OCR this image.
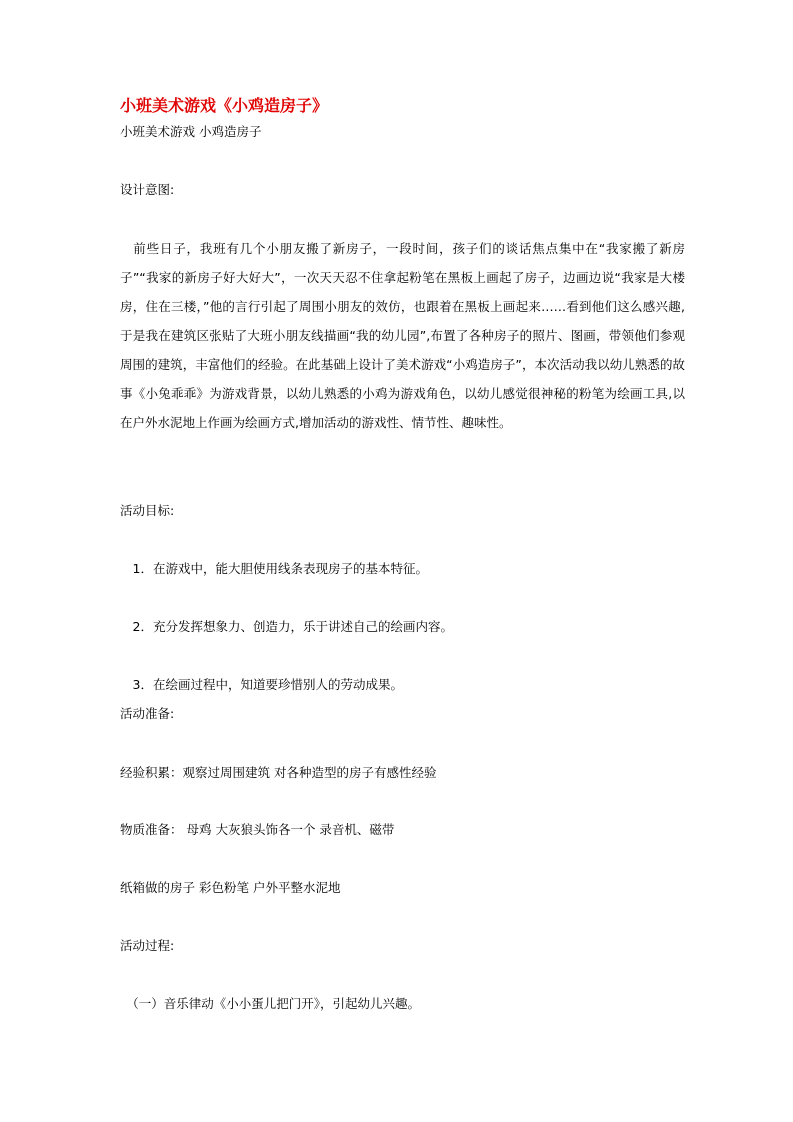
小班美术游戏《小鸡造房子》
小班美术游戏 小鸡造房子
设计意图:
　前些日子，我班有几个小朋友搬了新房子，一段时间，孩子们的谈话焦点集中在“我家搬了新房子”“我家的新房子好大好大”，一次天天忍不住拿起粉笔在黑板上画起了房子，边画边说“我家是大楼房，住在三楼，”他的言行引起了周围小朋友的效仿，也跟着在黑板上画起来……看到他们这么感兴趣,于是我在建筑区张贴了大班小朋友线描画“我的幼儿园”,布置了各种房子的照片、图画，带领他们参观周围的建筑，丰富他们的经验。在此基础上设计了美术游戏“小鸡造房子”，本次活动我以幼儿熟悉的故事《小兔乖乖》为游戏背景，以幼儿熟悉的小鸡为游戏角色，以幼儿感觉很神秘的粉笔为绘画工具,以在户外水泥地上作画为绘画方式,增加活动的游戏性、情节性、趣味性。
活动目标:
　1．在游戏中，能大胆使用线条表现房子的基本特征。
　2．充分发挥想象力、创造力，乐于讲述自己的绘画内容。
　3．在绘画过程中，知道要珍惜别人的劳动成果。
活动准备:
经验积累：观察过周围建筑 对各种造型的房子有感性经验
物质准备： 母鸡 大灰狼头饰各一个 录音机、磁带
纸箱做的房子 彩色粉笔 户外平整水泥地
活动过程:
　（一）音乐律动《小小蛋儿把门开》，引起幼儿兴趣。
